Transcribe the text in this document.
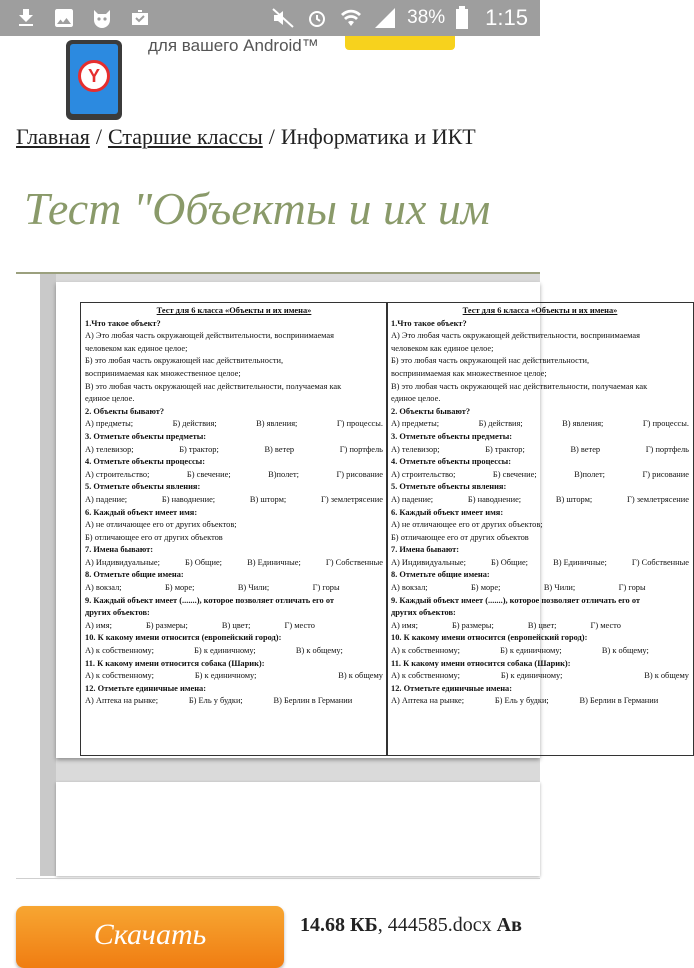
38% 1:15
Y
для вашего Android™
Главная / Старшие классы / Информатика и ИКТ
Тест "Объекты и их им
Тест для 6 класса «Объекты и их имена»
1.Что такое объект?
А) Это любая часть окружающей действительности, воспринимаемая
человеком как единое целое;
Б) это любая часть окружающей нас действительности,
воспринимаемая как множественное целое;
В) это любая часть окружающей нас действительности, получаемая как
единое целое.
2. Объекты бывают?
А) предметы;	Б) действия;	В) явления;	Г) процессы.
3. Отметьте объекты предметы:
А) телевизор;	Б) трактор;	В) ветер	Г) портфель
4. Отметьте объекты процессы:
А) строительство;	Б) свечение;	В)полет;	Г) рисование
5. Отметьте объекты явления:
А) падение;	Б) наводнение;	В) шторм;	Г) землетрясение
6. Каждый объект имеет имя:
А) не отличающее его от других объектов;
Б) отличающее его от других объектов
7. Имена бывают:
А) Индивидуальные;	Б) Общие;	В) Единичные;	Г) Собственные
8. Отметьте общие имена:
А) вокзал;	Б) море;	В) Чили;	Г) горы
9. Каждый объект имеет (.......), которое позволяет отличать его от
других объектов:
А) имя;	Б) размеры;	В) цвет;	Г) место
10. К какому имени относится (европейский город):
А) к собственному;	Б) к единичному;	В) к общему;
11. К какому имени относится собака (Шарик):
А) к собственному;	Б) к единичному;	В) к общему
12. Отметьте единичные имена:
А) Аптека на рынке;	Б) Ель у будки;	В) Берлин в Германии
Тест для 6 класса «Объекты и их имена»
1.Что такое объект?
А) Это любая часть окружающей действительности, воспринимаемая
человеком как единое целое;
Б) это любая часть окружающей нас действительности,
воспринимаемая как множественное целое;
В) это любая часть окружающей нас действительности, получаемая как
единое целое.
2. Объекты бывают?
А) предметы;	Б) действия;	В) явления;	Г) процессы.
3. Отметьте объекты предметы:
А) телевизор;	Б) трактор;	В) ветер	Г) портфель
4. Отметьте объекты процессы:
А) строительство;	Б) свечение;	В)полет;	Г) рисование
5. Отметьте объекты явления:
А) падение;	Б) наводнение;	В) шторм;	Г) землетрясение
6. Каждый объект имеет имя:
А) не отличающее его от других объектов;
Б) отличающее его от других объектов
7. Имена бывают:
А) Индивидуальные;	Б) Общие;	В) Единичные;	Г) Собственные
8. Отметьте общие имена:
А) вокзал;	Б) море;	В) Чили;	Г) горы
9. Каждый объект имеет (.......), которое позволяет отличать его от
других объектов:
А) имя;	Б) размеры;	В) цвет;	Г) место
10. К какому имени относится (европейский город):
А) к собственному;	Б) к единичному;	В) к общему;
11. К какому имени относится собака (Шарик):
А) к собственному;	Б) к единичному;	В) к общему
12. Отметьте единичные имена:
А) Аптека на рынке;	Б) Ель у будки;	В) Берлин в Германии
Скачать	14.68 КБ, 444585.docx Ав
